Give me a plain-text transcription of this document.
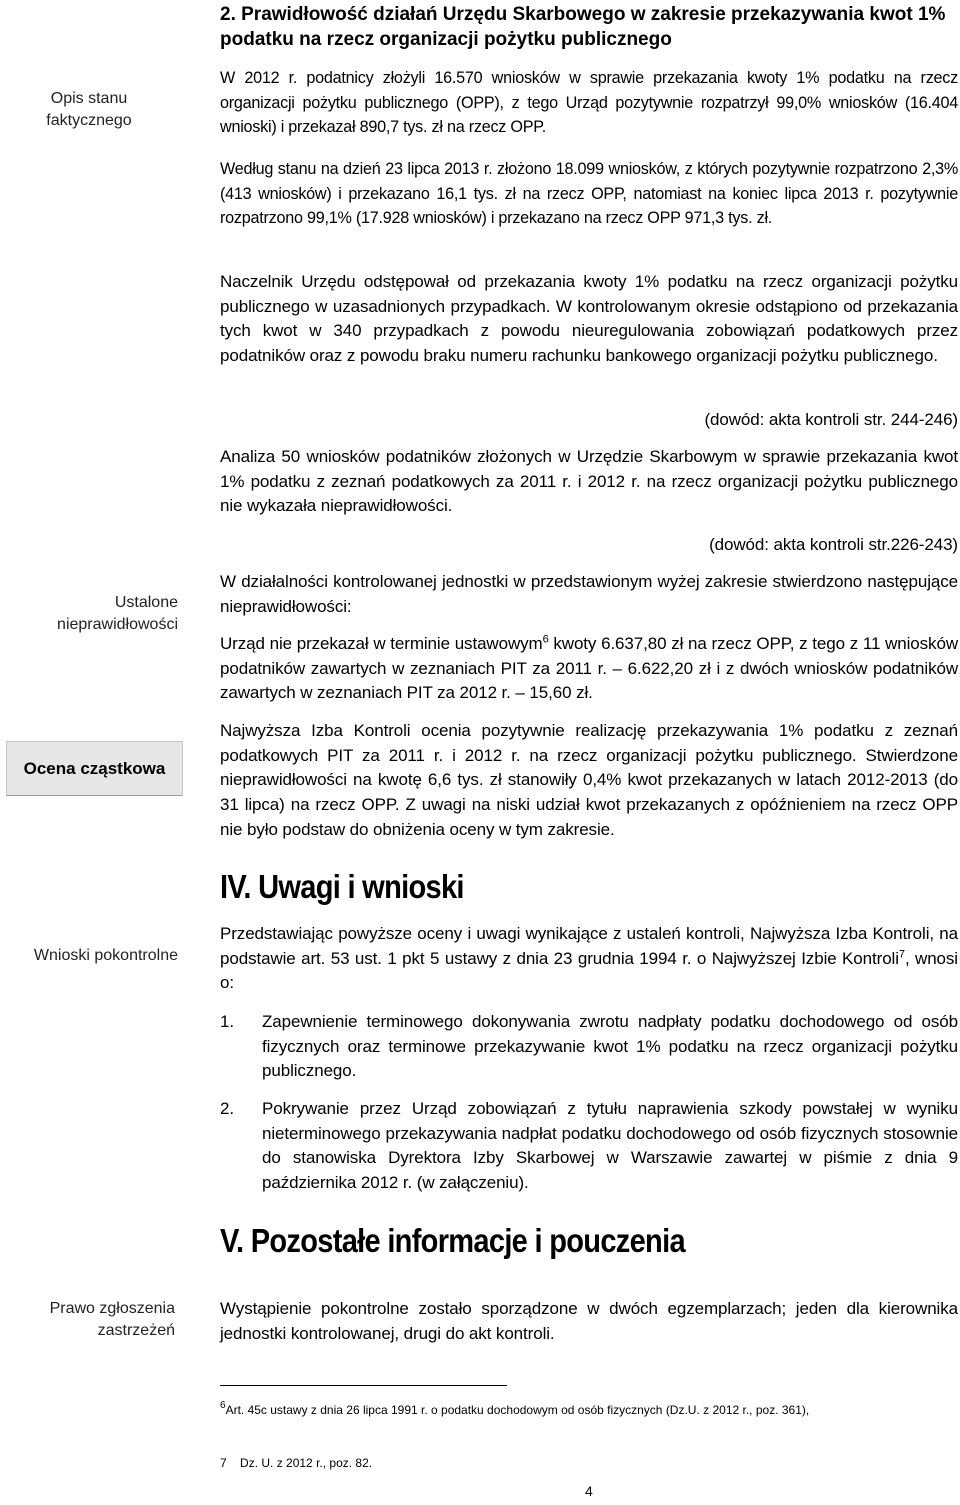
Opis stanu
faktycznego
Ustalone
nieprawidłowości
Ocena cząstkowa
Wnioski pokontrolne
Prawo zgłoszenia
zastrzeżeń
2. Prawidłowość działań Urzędu Skarbowego w zakresie przekazywania kwot 1% podatku na rzecz organizacji pożytku publicznego

W 2012 r. podatnicy złożyli 16.570 wniosków w sprawie przekazania kwoty 1% podatku na rzecz organizacji pożytku publicznego (OPP), z tego Urząd pozytywnie rozpatrzył 99,0% wniosków (16.404 wnioski) i przekazał 890,7 tys. zł na rzecz OPP.

Według stanu na dzień 23 lipca 2013 r. złożono 18.099 wniosków, z których pozytywnie rozpatrzono 2,3% (413 wniosków) i przekazano 16,1 tys. zł na rzecz OPP, natomiast na koniec lipca 2013 r. pozytywnie rozpatrzono 99,1% (17.928 wniosków) i przekazano na rzecz OPP 971,3 tys. zł.

Naczelnik Urzędu odstępował od przekazania kwoty 1% podatku na rzecz organizacji pożytku publicznego w uzasadnionych przypadkach. W kontrolowanym okresie odstąpiono od przekazania tych kwot w 340 przypadkach z powodu nieuregulowania zobowiązań podatkowych przez podatników oraz z powodu braku numeru rachunku bankowego organizacji pożytku publicznego.

(dowód: akta kontroli str. 244-246)

Analiza 50 wniosków podatników złożonych w Urzędzie Skarbowym w sprawie przekazania kwot 1% podatku z zeznań podatkowych za 2011 r. i 2012 r. na rzecz organizacji pożytku publicznego nie wykazała nieprawidłowości.

(dowód: akta kontroli str.226-243)

W działalności kontrolowanej jednostki w przedstawionym wyżej zakresie stwierdzono następujące nieprawidłowości:

Urząd nie przekazał w terminie ustawowym$^6$ kwoty 6.637,80 zł na rzecz OPP, z tego z 11 wniosków podatników zawartych w zeznaniach PIT za 2011 r. – 6.622,20 zł i z dwóch wniosków podatników zawartych w zeznaniach PIT za 2012 r. – 15,60 zł.

Najwyższa Izba Kontroli ocenia pozytywnie realizację przekazywania 1% podatku z zeznań podatkowych PIT za 2011 r. i 2012 r. na rzecz organizacji pożytku publicznego. Stwierdzone nieprawidłowości na kwotę 6,6 tys. zł stanowiły 0,4% kwot przekazanych w latach 2012-2013 (do 31 lipca) na rzecz OPP. Z uwagi na niski udział kwot przekazanych z opóźnieniem na rzecz OPP nie było podstaw do obniżenia oceny w tym zakresie.

IV. Uwagi i wnioski

Przedstawiając powyższe oceny i uwagi wynikające z ustaleń kontroli, Najwyższa Izba Kontroli, na podstawie art. 53 ust. 1 pkt 5 ustawy z dnia 23 grudnia 1994 r. o Najwyższej Izbie Kontroli$^7$, wnosi o:

1.	Zapewnienie terminowego dokonywania zwrotu nadpłaty podatku dochodowego od osób fizycznych oraz terminowe przekazywanie kwot 1% podatku na rzecz organizacji pożytku publicznego.
2.	Pokrywanie przez Urząd zobowiązań z tytułu naprawienia szkody powstałej w wyniku nieterminowego przekazywania nadpłat podatku dochodowego od osób fizycznych stosownie do stanowiska Dyrektora Izby Skarbowej w Warszawie zawartej w piśmie z dnia 9 października 2012 r. (w załączeniu).
V. Pozostałe informacje i pouczenia

Wystąpienie pokontrolne zostało sporządzone w dwóch egzemplarzach; jeden dla kierownika jednostki kontrolowanej, drugi do akt kontroli.

$^6$Art. 45c ustawy z dnia 26 lipca 1991 r. o podatku dochodowym od osób fizycznych (Dz.U. z 2012 r., poz. 361),
7 Dz. U. z 2012 r., poz. 82.
4
